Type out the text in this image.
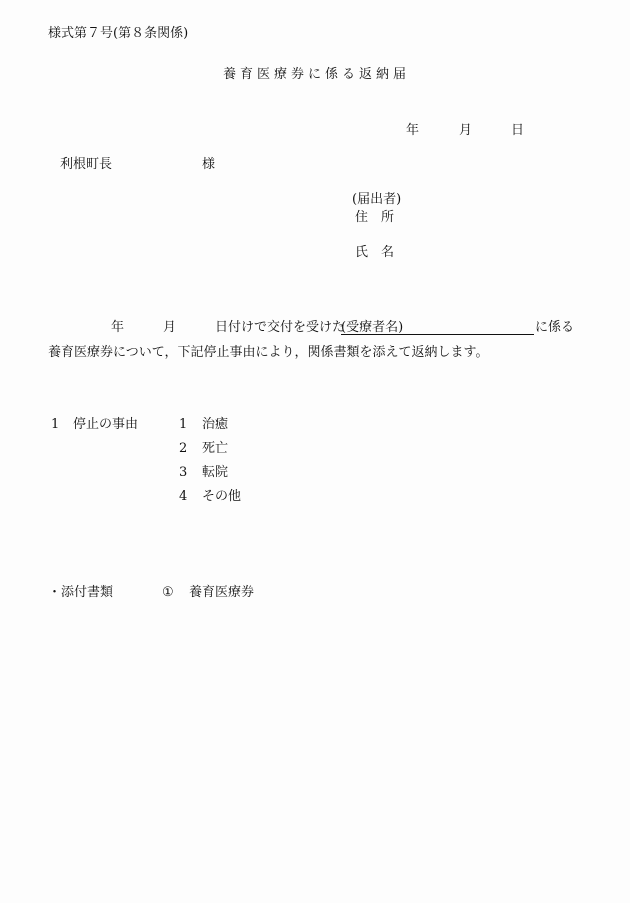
様式第７号(第８条関係)
養育医療券に係る返納届
年	月	日
利根町長	様
(届出者)
住　所
氏　名
年	月	日付けで交付を受けた
(受療者名)	に係る
養育医療券について，下記停止事由により，関係書類を添えて返納します。
1 停止の事由	1 治癒
2 死亡
3 転院
4 その他
・添付書類	① 養育医療券
